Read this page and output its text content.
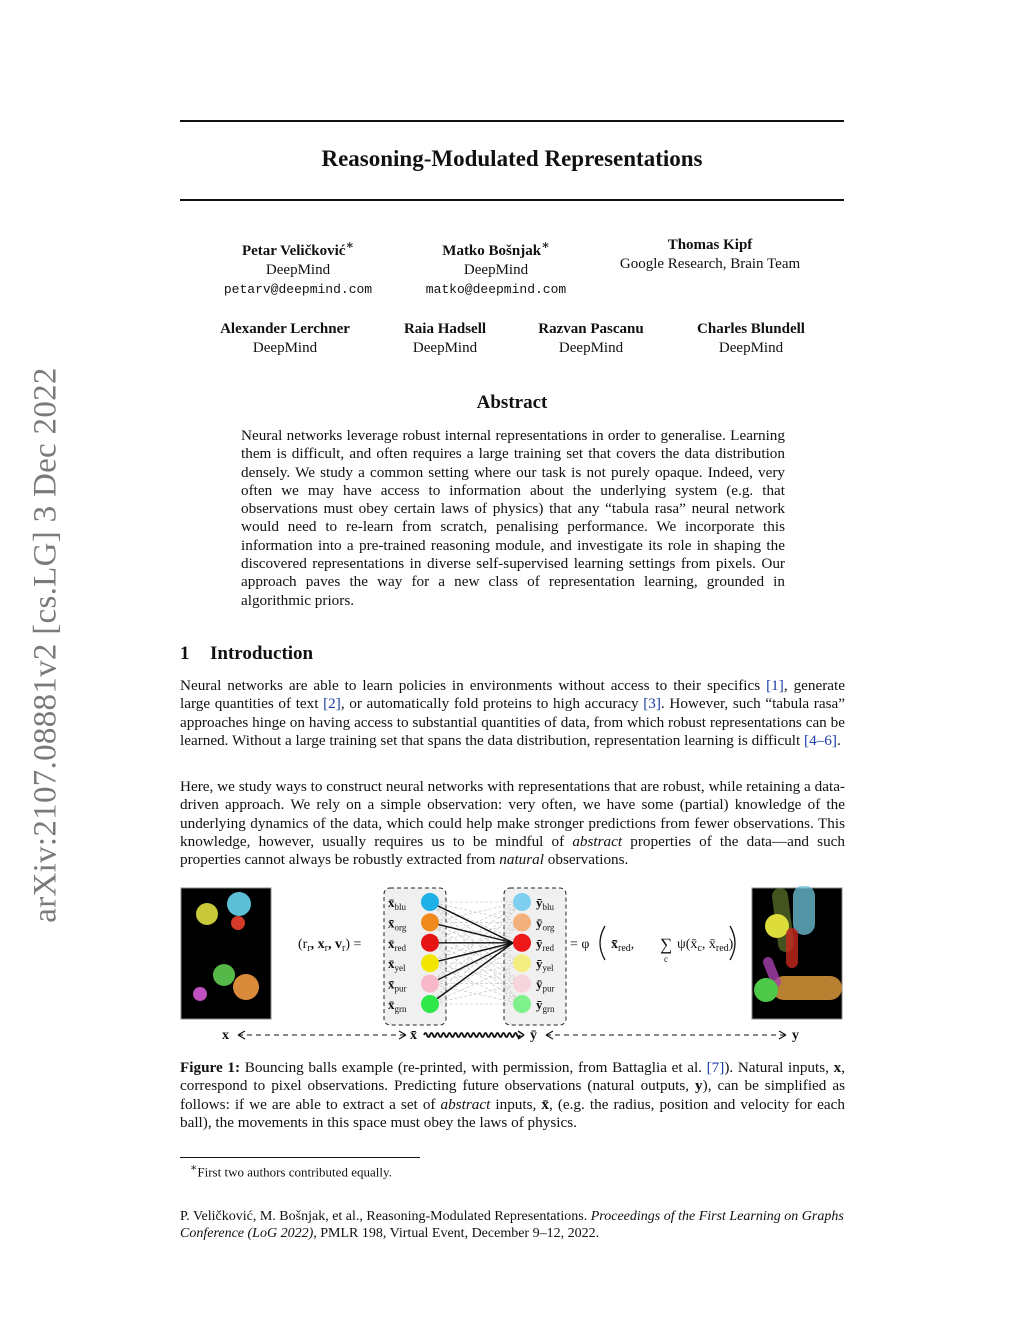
arXiv:2107.08881v2 [cs.LG] 3 Dec 2022
Reasoning-Modulated Representations
Petar Veličković∗
DeepMind
petarv@deepmind.com
Matko Bošnjak∗
DeepMind
matko@deepmind.com
Thomas Kipf
Google Research, Brain Team
Alexander Lerchner
DeepMind
Raia Hadsell
DeepMind
Razvan Pascanu
DeepMind
Charles Blundell
DeepMind
Abstract
Neural networks leverage robust internal representations in order to generalise. Learning them is difficult, and often requires a large training set that covers the data distribution densely. We study a common setting where our task is not purely opaque. Indeed, very often we may have access to information about the underlying system (e.g. that observations must obey certain laws of physics) that any “tabula rasa” neural network would need to re-learn from scratch, penalising performance. We incorporate this information into a pre-trained reasoning module, and investigate its role in shaping the discovered representations in diverse self-supervised learning settings from pixels. Our approach paves the way for a new class of representation learning, grounded in algorithmic priors.
1 Introduction
Neural networks are able to learn policies in environments without access to their specifics [1], generate large quantities of text [2], or automatically fold proteins to high accuracy [3]. However, such “tabula rasa” approaches hinge on having access to substantial quantities of data, from which robust representations can be learned. Without a large training set that spans the data distribution, representation learning is difficult [4–6].
Here, we study ways to construct neural networks with representations that are robust, while retaining a data-driven approach. We rely on a simple observation: very often, we have some (partial) knowledge of the underlying dynamics of the data, which could help make stronger predictions from fewer observations. This knowledge, however, usually requires us to be mindful of abstract properties of the data—and such properties cannot always be robustly extracted from natural observations.
($r_r$, $x_r$, $v_r$) =
$x̄_{blu}$
$x̄_{org}$
$x̄_{red}$
$x̄_{yel}$
$x̄_{pur}$
$x̄_{grn}$
$ȳ_{blu}$
$ȳ_{org}$
$ȳ_{red}$
$ȳ_{yel}$
$ȳ_{pur}$
$ȳ_{grn}$
= φ $x̄_{red}$, ∑
c
$\psi(x̄_c$, $x̄_{red}$)
x	x̄	ȳ	y
Figure 1: Bouncing balls example (re-printed, with permission, from Battaglia et al. [7]). Natural inputs, x, correspond to pixel observations. Predicting future observations (natural outputs, y), can be simplified as follows: if we are able to extract a set of abstract inputs, x̄, (e.g. the radius, position and velocity for each ball), the movements in this space must obey the laws of physics.
∗First two authors contributed equally.
P. Veličković, M. Bošnjak, et al., Reasoning-Modulated Representations. Proceedings of the First Learning on Graphs Conference (LoG 2022), PMLR 198, Virtual Event, December 9–12, 2022.
